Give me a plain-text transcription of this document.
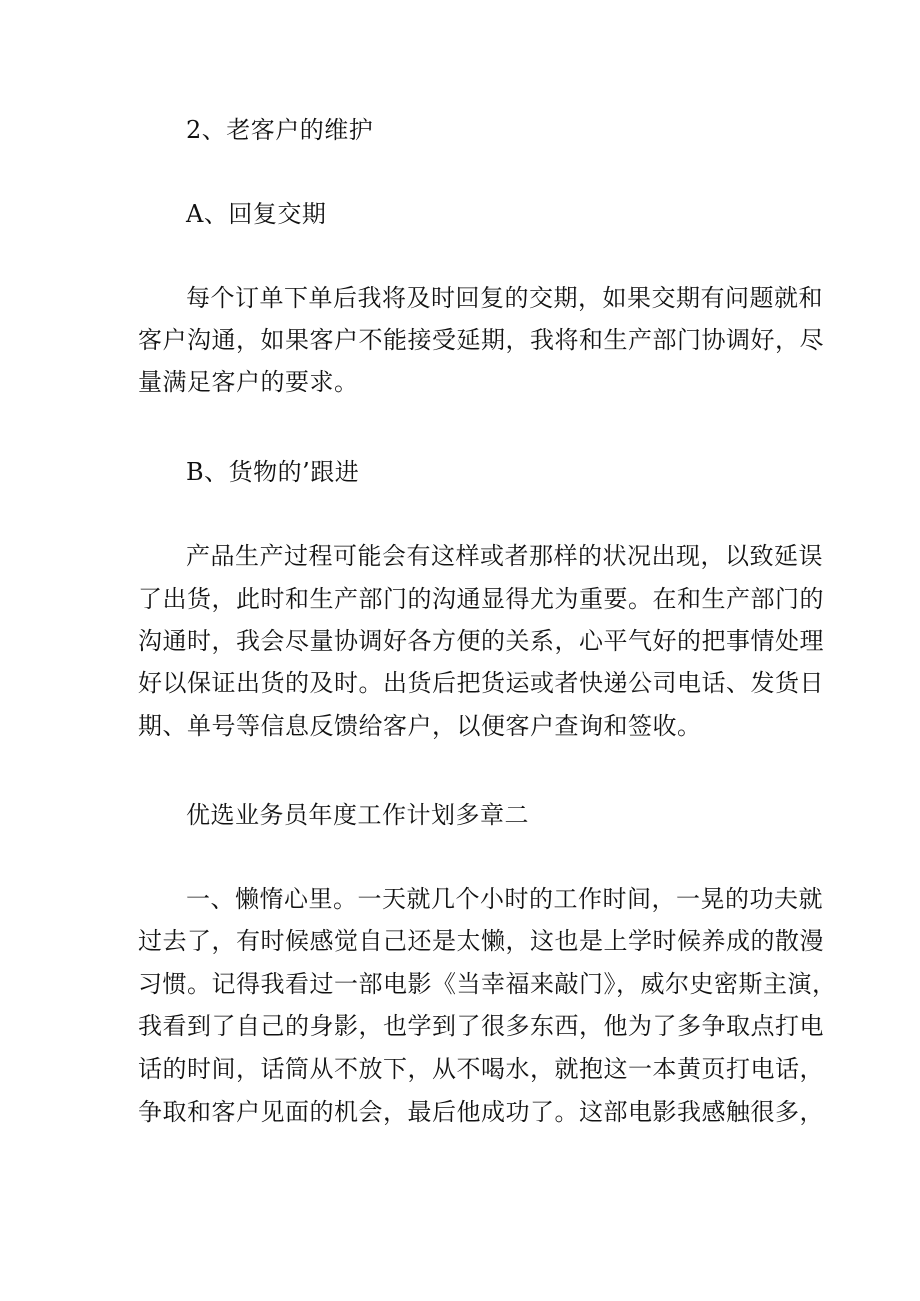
2、老客户的维护
A、回复交期
每个订单下单后我将及时回复的交期，如果交期有问题就和
客户沟通，如果客户不能接受延期，我将和生产部门协调好，尽
量满足客户的要求。
B、货物的’跟进
产品生产过程可能会有这样或者那样的状况出现，以致延误
了出货，此时和生产部门的沟通显得尤为重要。在和生产部门的
沟通时，我会尽量协调好各方便的关系，心平气好的把事情处理
好以保证出货的及时。出货后把货运或者快递公司电话、发货日
期、单号等信息反馈给客户，以便客户查询和签收。
优选业务员年度工作计划多章二
一、懒惰心里。一天就几个小时的工作时间，一晃的功夫就
过去了，有时候感觉自己还是太懒，这也是上学时候养成的散漫
习惯。记得我看过一部电影《当幸福来敲门》，威尔史密斯主演，
我看到了自己的身影，也学到了很多东西，他为了多争取点打电
话的时间，话筒从不放下，从不喝水，就抱这一本黄页打电话，
争取和客户见面的机会，最后他成功了。这部电影我感触很多，
